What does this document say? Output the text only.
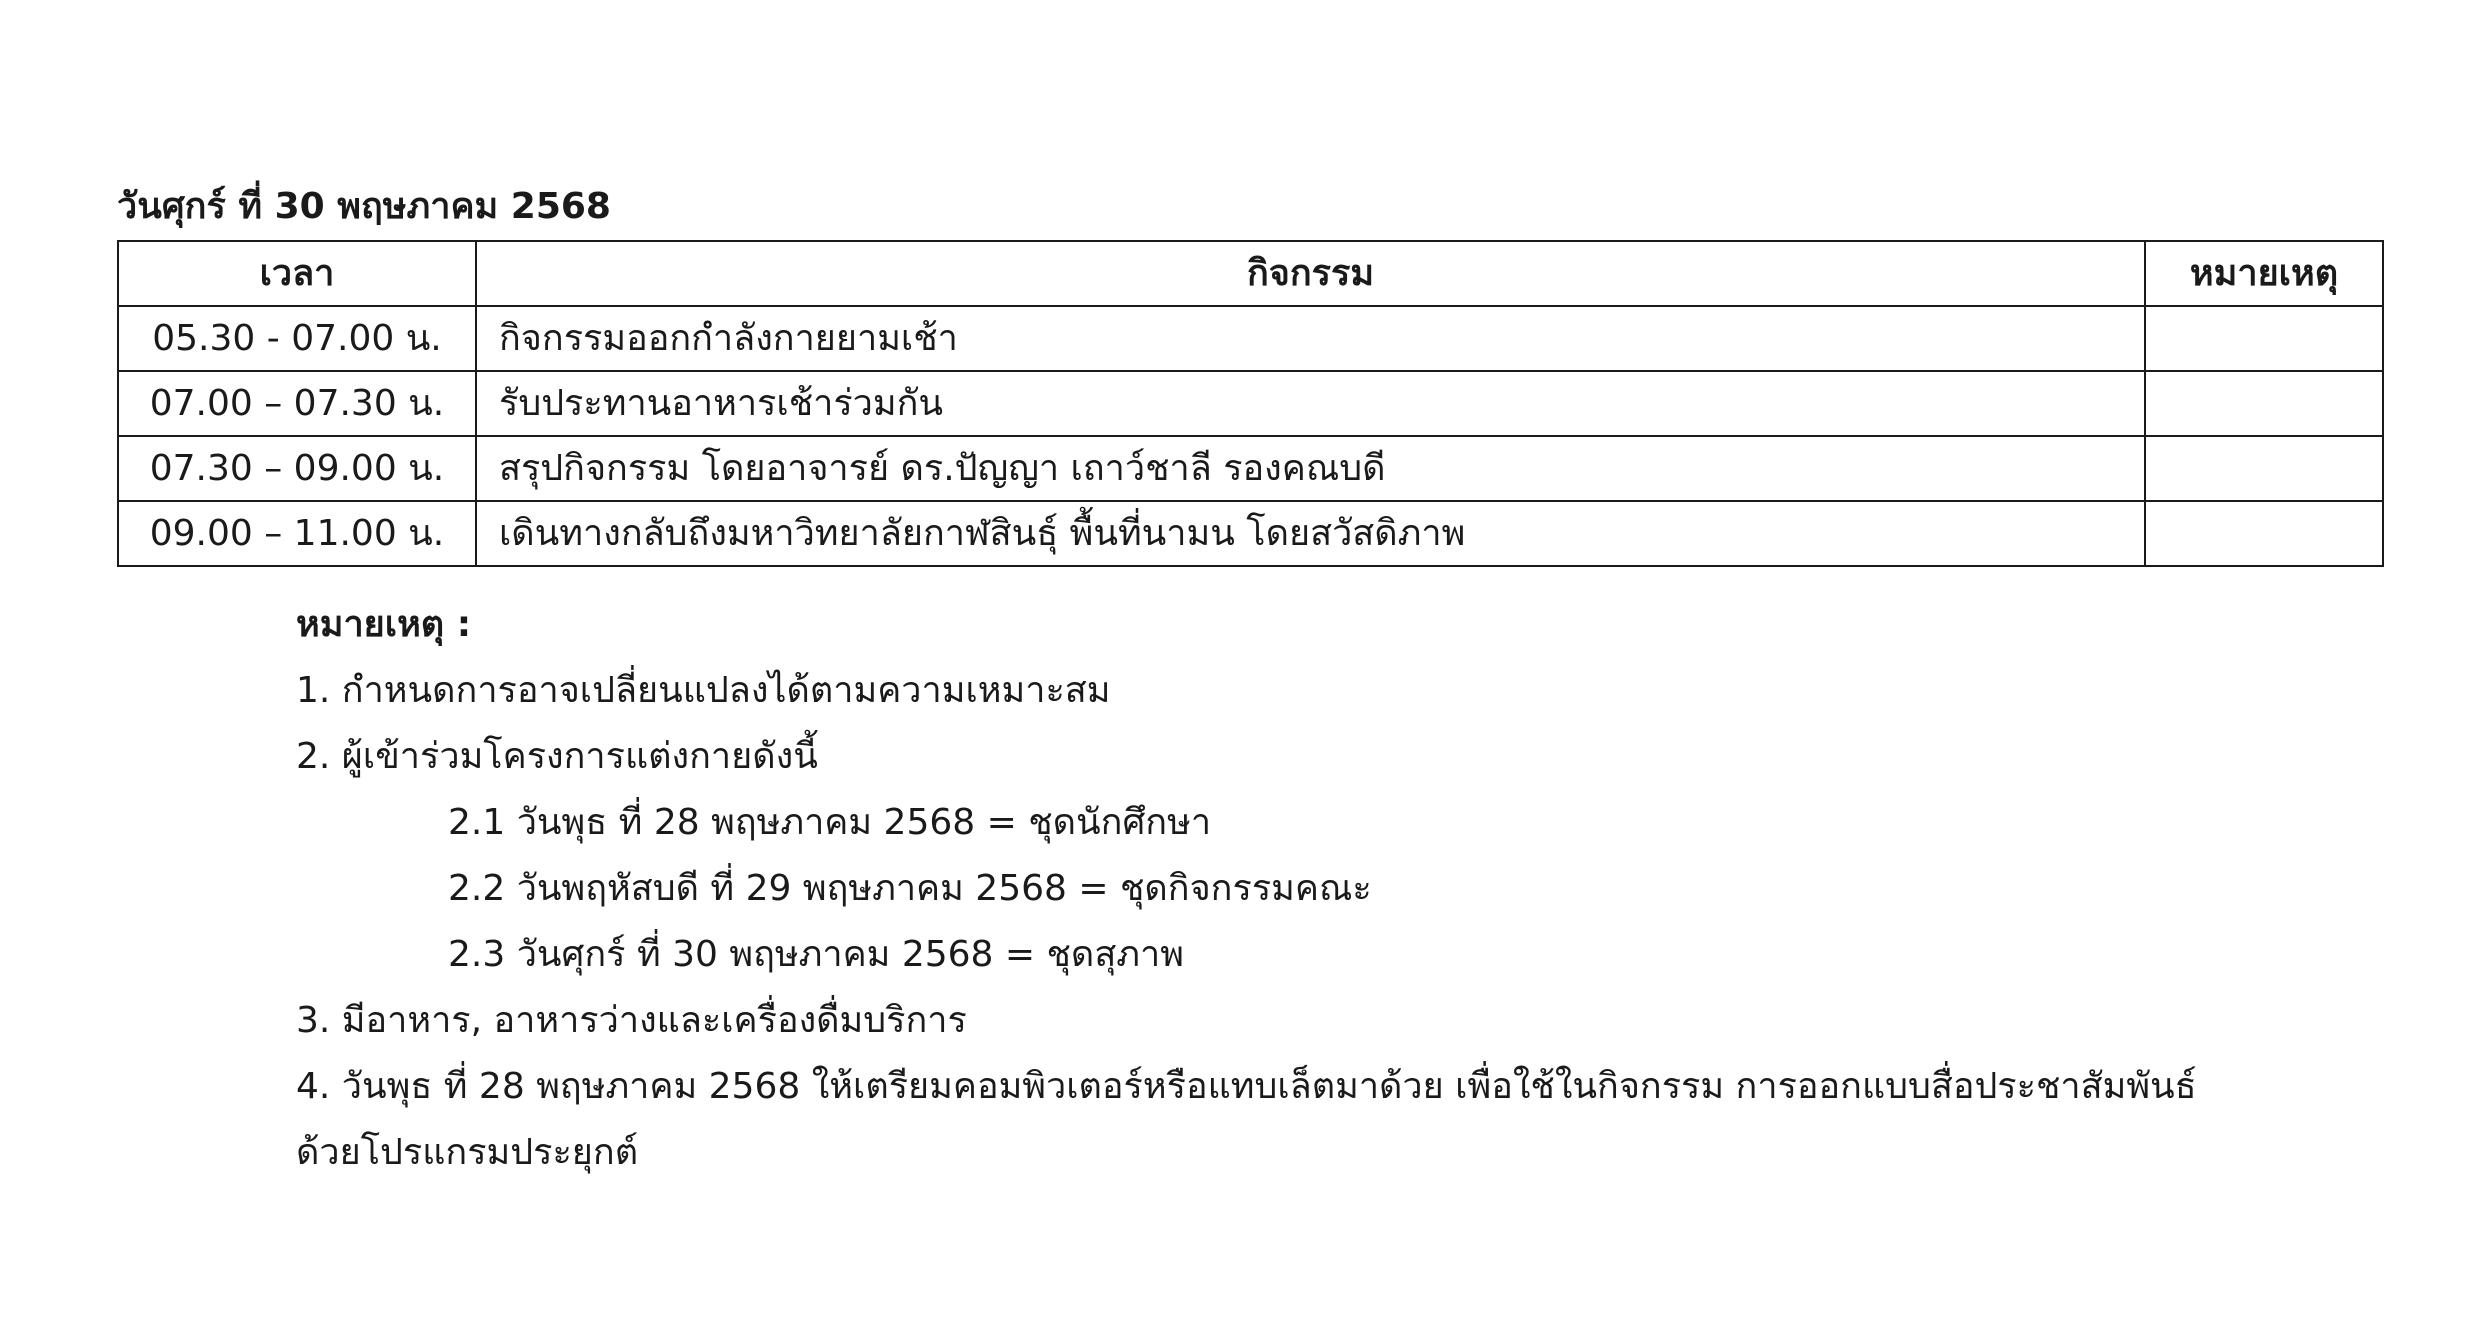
วันศุกร์ ที่ 30 พฤษภาคม 2568
เวลา	กิจกรรม	หมายเหตุ
05.30 - 07.00 น.	กิจกรรมออกกำลังกายยามเช้า	
07.00 – 07.30 น.	รับประทานอาหารเช้าร่วมกัน	
07.30 – 09.00 น.	สรุปกิจกรรม โดยอาจารย์ ดร.ปัญญา เถาว์ชาลี รองคณบดี	
09.00 – 11.00 น.	เดินทางกลับถึงมหาวิทยาลัยกาฬสินธุ์ พื้นที่นามน โดยสวัสดิภาพ	
หมายเหตุ :
1. กำหนดการอาจเปลี่ยนแปลงได้ตามความเหมาะสม
2. ผู้เข้าร่วมโครงการแต่งกายดังนี้
2.1 วันพุธ ที่ 28 พฤษภาคม 2568 = ชุดนักศึกษา
2.2 วันพฤหัสบดี ที่ 29 พฤษภาคม 2568 = ชุดกิจกรรมคณะ
2.3 วันศุกร์ ที่ 30 พฤษภาคม 2568 = ชุดสุภาพ
3. มีอาหาร, อาหารว่างและเครื่องดื่มบริการ
4. วันพุธ ที่ 28 พฤษภาคม 2568 ให้เตรียมคอมพิวเตอร์หรือแทบเล็ตมาด้วย เพื่อใช้ในกิจกรรม การออกแบบสื่อประชาสัมพันธ์
ด้วยโปรแกรมประยุกต์
